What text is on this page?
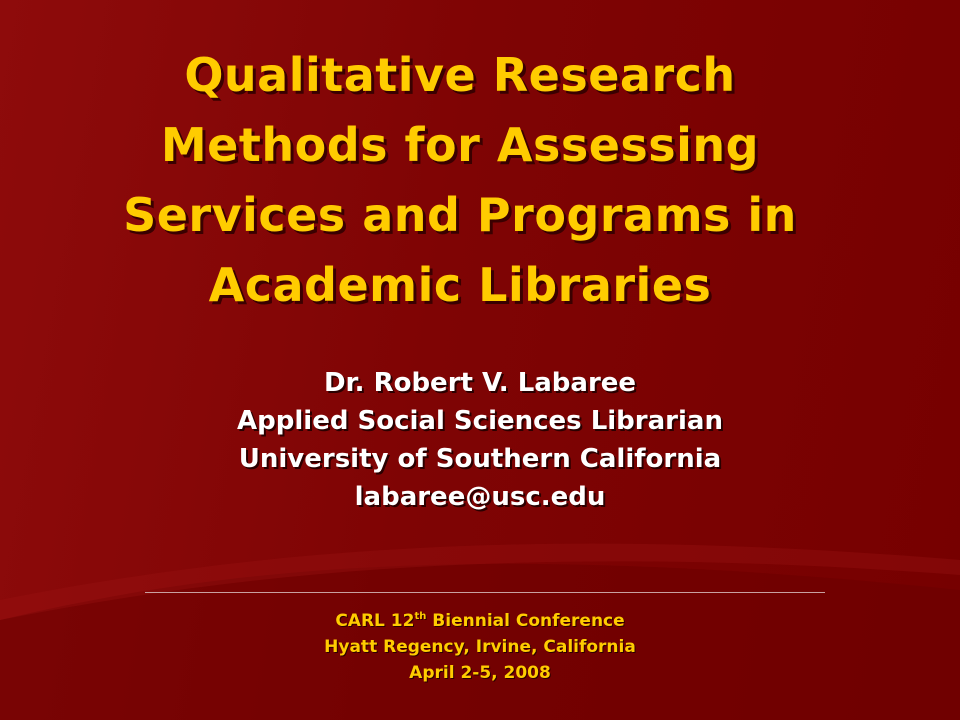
Qualitative Research
Methods for Assessing
Services and Programs in
Academic Libraries
Dr. Robert V. Labaree
Applied Social Sciences Librarian
University of Southern California
labaree@usc.edu
CARL 12th Biennial Conference
Hyatt Regency, Irvine, California
April 2-5, 2008
